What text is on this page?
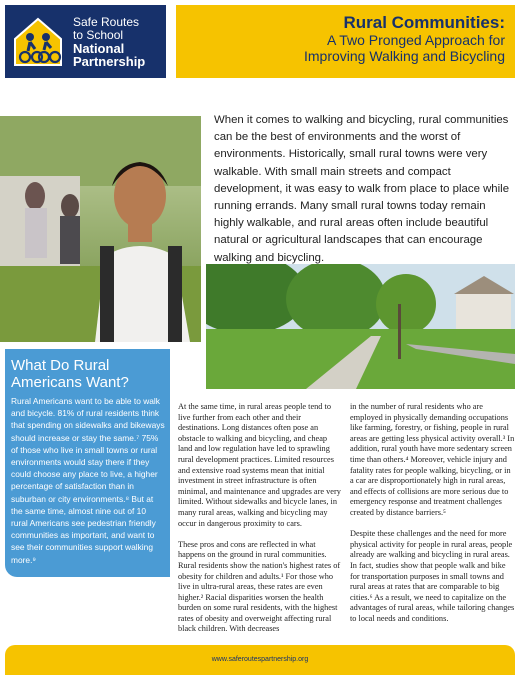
Safe Routes
to School
National
Partnership
Rural Communities:
A Two Pronged Approach for
Improving Walking and Bicycling
When it comes to walking and bicycling, rural communities can be the best of environments and the worst of environments. Historically, small rural towns were very walkable. With small main streets and compact development, it was easy to walk from place to place while running errands. Many small rural towns today remain highly walkable, and rural areas often include beautiful natural or agricultural landscapes that can encourage walking and bicycling.
What Do Rural Americans Want?

Rural Americans want to be able to walk and bicycle. 81% of rural residents think that spending on sidewalks and bikeways should increase or stay the same.⁷ 75% of those who live in small towns or rural environments would stay there if they could choose any place to live, a higher percentage of satisfaction than in suburban or city environments.⁸ But at the same time, almost nine out of 10 rural Americans see pedestrian friendly communities as important, and want to see their communities support walking more.⁹

At the same time, in rural areas people tend to live further from each other and their destinations. Long distances often pose an obstacle to walking and bicycling, and cheap land and low regulation have led to sprawling rural development practices. Limited resources and extensive road systems mean that initial investment in street infrastructure is often minimal, and maintenance and upgrades are very limited. Without sidewalks and bicycle lanes, in many rural areas, walking and bicycling may occur in dangerous proximity to cars.

These pros and cons are reflected in what happens on the ground in rural communities. Rural residents show the nation's highest rates of obesity for children and adults.¹ For those who live in ultra-rural areas, these rates are even higher.² Racial disparities worsen the health burden on some rural residents, with the highest rates of obesity and overweight affecting rural black children. With decreases

in the number of rural residents who are employed in physically demanding occupations like farming, forestry, or fishing, people in rural areas are getting less physical activity overall.³ In addition, rural youth have more sedentary screen time than others.⁴ Moreover, vehicle injury and fatality rates for people walking, bicycling, or in a car are disproportionately high in rural areas, and effects of collisions are more serious due to emergency response and treatment challenges created by distance barriers.⁵

Despite these challenges and the need for more physical activity for people in rural areas, people already are walking and bicycling in rural areas. In fact, studies show that people walk and bike for transportation purposes in small towns and rural areas at rates that are comparable to big cities.⁶ As a result, we need to capitalize on the advantages of rural areas, while tailoring changes to local needs and conditions.

www.saferoutespartnership.org
